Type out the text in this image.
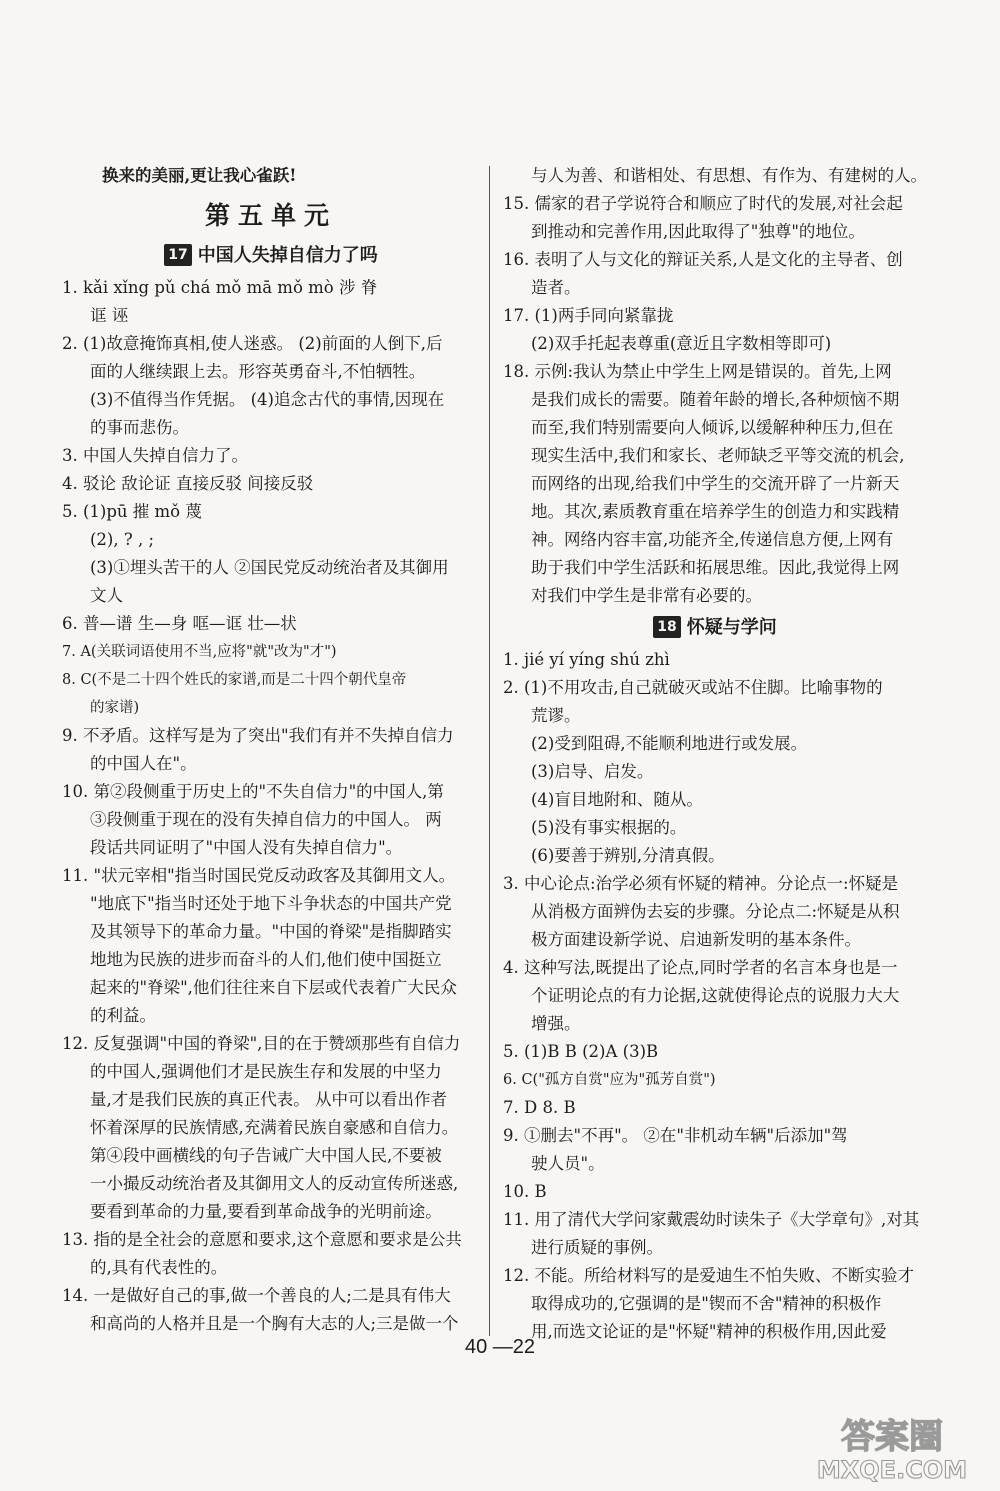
换来的美丽,更让我心雀跃!
第五单元
17 中国人失掉自信力了吗
1. kǎi xǐng pǔ chá mǒ mā mǒ mò 涉 脊
诓 诬
2. (1)故意掩饰真相,使人迷惑。 (2)前面的人倒下,后
面的人继续跟上去。形容英勇奋斗,不怕牺牲。
(3)不值得当作凭据。 (4)追念古代的事情,因现在
的事而悲伤。
3. 中国人失掉自信力了。
4. 驳论 敌论证 直接反驳 间接反驳
5. (1)pū 摧 mǒ 蔑
(2), ? , ;
(3)①埋头苦干的人 ②国民党反动统治者及其御用
文人
6. 普—谱 生—身 哐—诓 壮—状
7. A(关联词语使用不当,应将"就"改为"才")
8. C(不是二十四个姓氏的家谱,而是二十四个朝代皇帝
的家谱)
9. 不矛盾。这样写是为了突出"我们有并不失掉自信力
的中国人在"。
10. 第②段侧重于历史上的"不失自信力"的中国人,第
③段侧重于现在的没有失掉自信力的中国人。 两
段话共同证明了"中国人没有失掉自信力"。
11. "状元宰相"指当时国民党反动政客及其御用文人。
"地底下"指当时还处于地下斗争状态的中国共产党
及其领导下的革命力量。"中国的脊梁"是指脚踏实
地地为民族的进步而奋斗的人们,他们使中国挺立
起来的"脊梁",他们往往来自下层或代表着广大民众
的利益。
12. 反复强调"中国的脊梁",目的在于赞颂那些有自信力
的中国人,强调他们才是民族生存和发展的中坚力
量,才是我们民族的真正代表。 从中可以看出作者
怀着深厚的民族情感,充满着民族自豪感和自信力。
第④段中画横线的句子告诫广大中国人民,不要被
一小撮反动统治者及其御用文人的反动宣传所迷惑,
要看到革命的力量,要看到革命战争的光明前途。
13. 指的是全社会的意愿和要求,这个意愿和要求是公共
的,具有代表性的。
14. 一是做好自己的事,做一个善良的人;二是具有伟大
和高尚的人格并且是一个胸有大志的人;三是做一个
与人为善、和谐相处、有思想、有作为、有建树的人。
15. 儒家的君子学说符合和顺应了时代的发展,对社会起
到推动和完善作用,因此取得了"独尊"的地位。
16. 表明了人与文化的辩证关系,人是文化的主导者、创
造者。
17. (1)两手同向紧靠拢
(2)双手托起表尊重(意近且字数相等即可)
18. 示例:我认为禁止中学生上网是错误的。首先,上网
是我们成长的需要。随着年龄的增长,各种烦恼不期
而至,我们特别需要向人倾诉,以缓解种种压力,但在
现实生活中,我们和家长、老师缺乏平等交流的机会,
而网络的出现,给我们中学生的交流开辟了一片新天
地。其次,素质教育重在培养学生的创造力和实践精
神。网络内容丰富,功能齐全,传递信息方便,上网有
助于我们中学生活跃和拓展思维。因此,我觉得上网
对我们中学生是非常有必要的。
18 怀疑与学问
1. jié yí yíng shú zhì
2. (1)不用攻击,自己就破灭或站不住脚。比喻事物的
荒谬。
(2)受到阻碍,不能顺利地进行或发展。
(3)启导、启发。
(4)盲目地附和、随从。
(5)没有事实根据的。
(6)要善于辨别,分清真假。
3. 中心论点:治学必须有怀疑的精神。分论点一:怀疑是
从消极方面辨伪去妄的步骤。分论点二:怀疑是从积
极方面建设新学说、启迪新发明的基本条件。
4. 这种写法,既提出了论点,同时学者的名言本身也是一
个证明论点的有力论据,这就使得论点的说服力大大
增强。
5. (1)B B (2)A (3)B
6. C("孤方自赏"应为"孤芳自赏")
7. D 8. B
9. ①删去"不再"。 ②在"非机动车辆"后添加"驾
驶人员"。
10. B
11. 用了清代大学问家戴震幼时读朱子《大学章句》,对其
进行质疑的事例。
12. 不能。所给材料写的是爱迪生不怕失败、不断实验才
取得成功的,它强调的是"锲而不舍"精神的积极作
用,而选文论证的是"怀疑"精神的积极作用,因此爱
40 —22
答案圈
MXQE.COM
